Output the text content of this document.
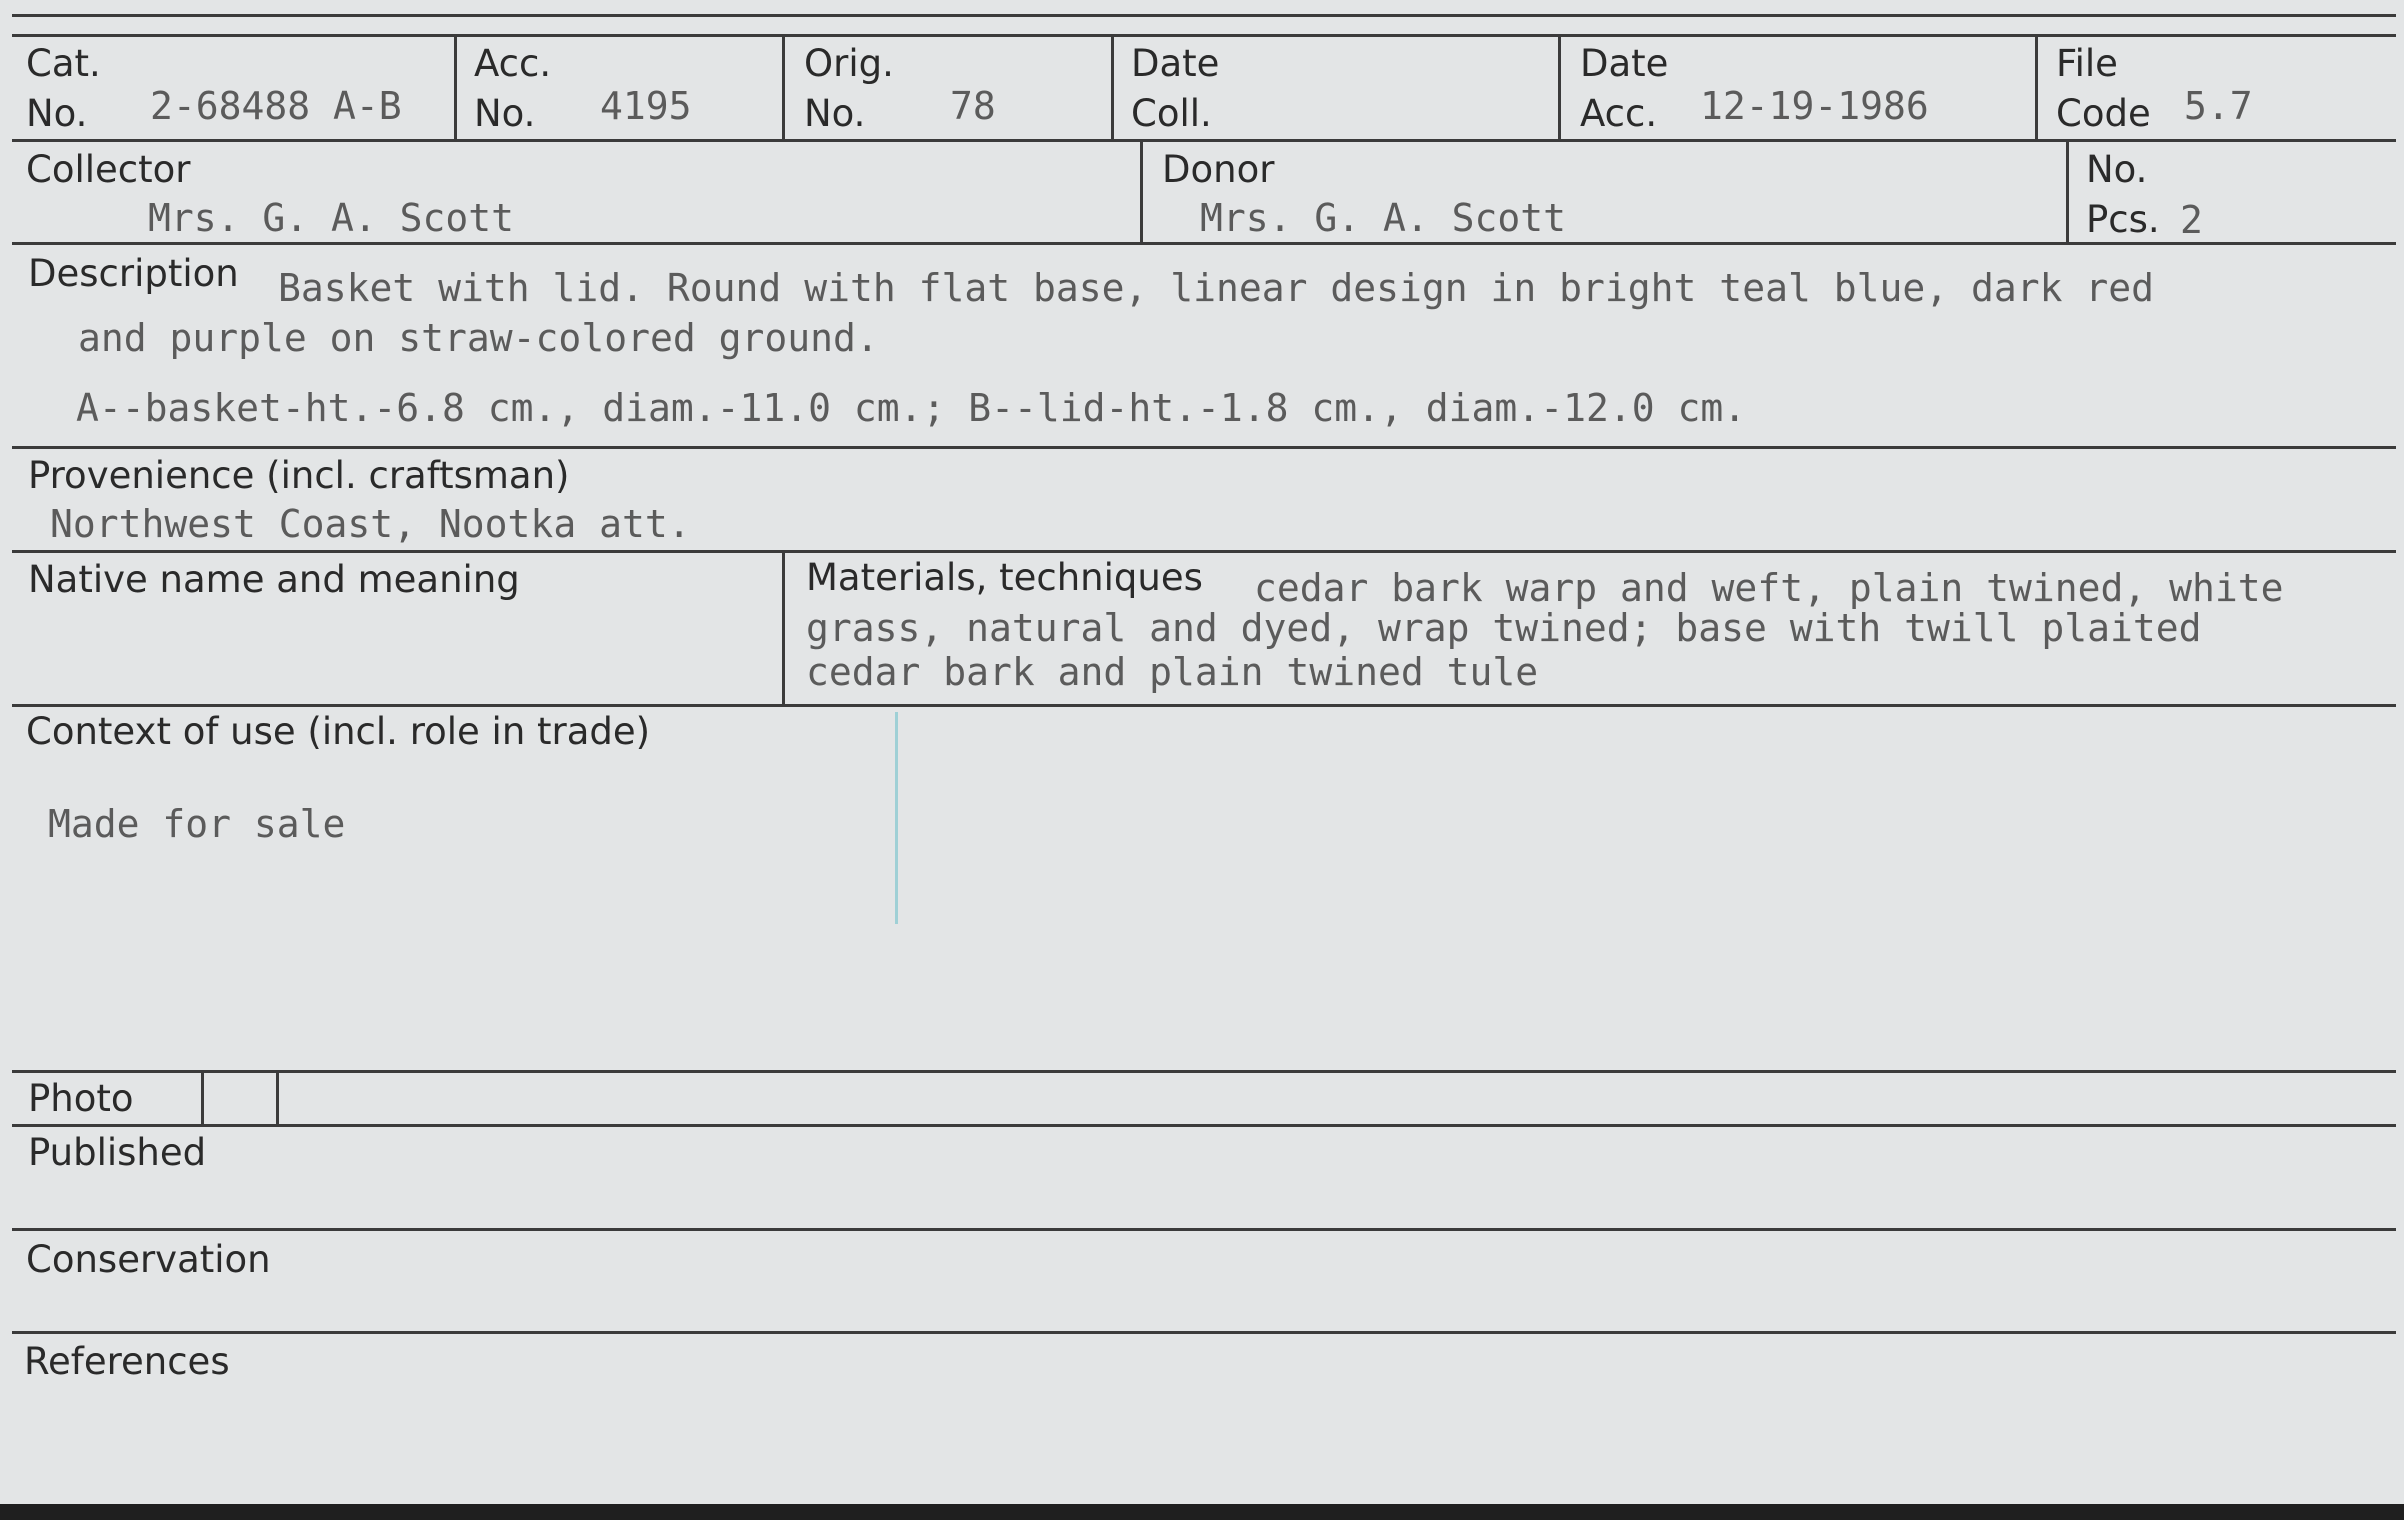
Cat.
No. 2-68488 A-B
Acc.
No. 4195
Orig.
No. 78
Date
Coll.
Date
Acc. 12-19-1986
File
Code 5.7
Collector
Mrs. G. A. Scott
Donor
Mrs. G. A. Scott
No.
Pcs. 2
Description Basket with lid. Round with flat base, linear design in bright teal blue, dark red
and purple on straw-colored ground.
A--basket-ht.-6.8 cm., diam.-11.0 cm.; B--lid-ht.-1.8 cm., diam.-12.0 cm.
Provenience (incl. craftsman)
Northwest Coast, Nootka att.
Native name and meaning	Materials, techniques cedar bark warp and weft, plain twined, white
grass, natural and dyed, wrap twined; base with twill plaited
cedar bark and plain twined tule
Context of use (incl. role in trade)
Made for sale
Photo
Published
Conservation
References
